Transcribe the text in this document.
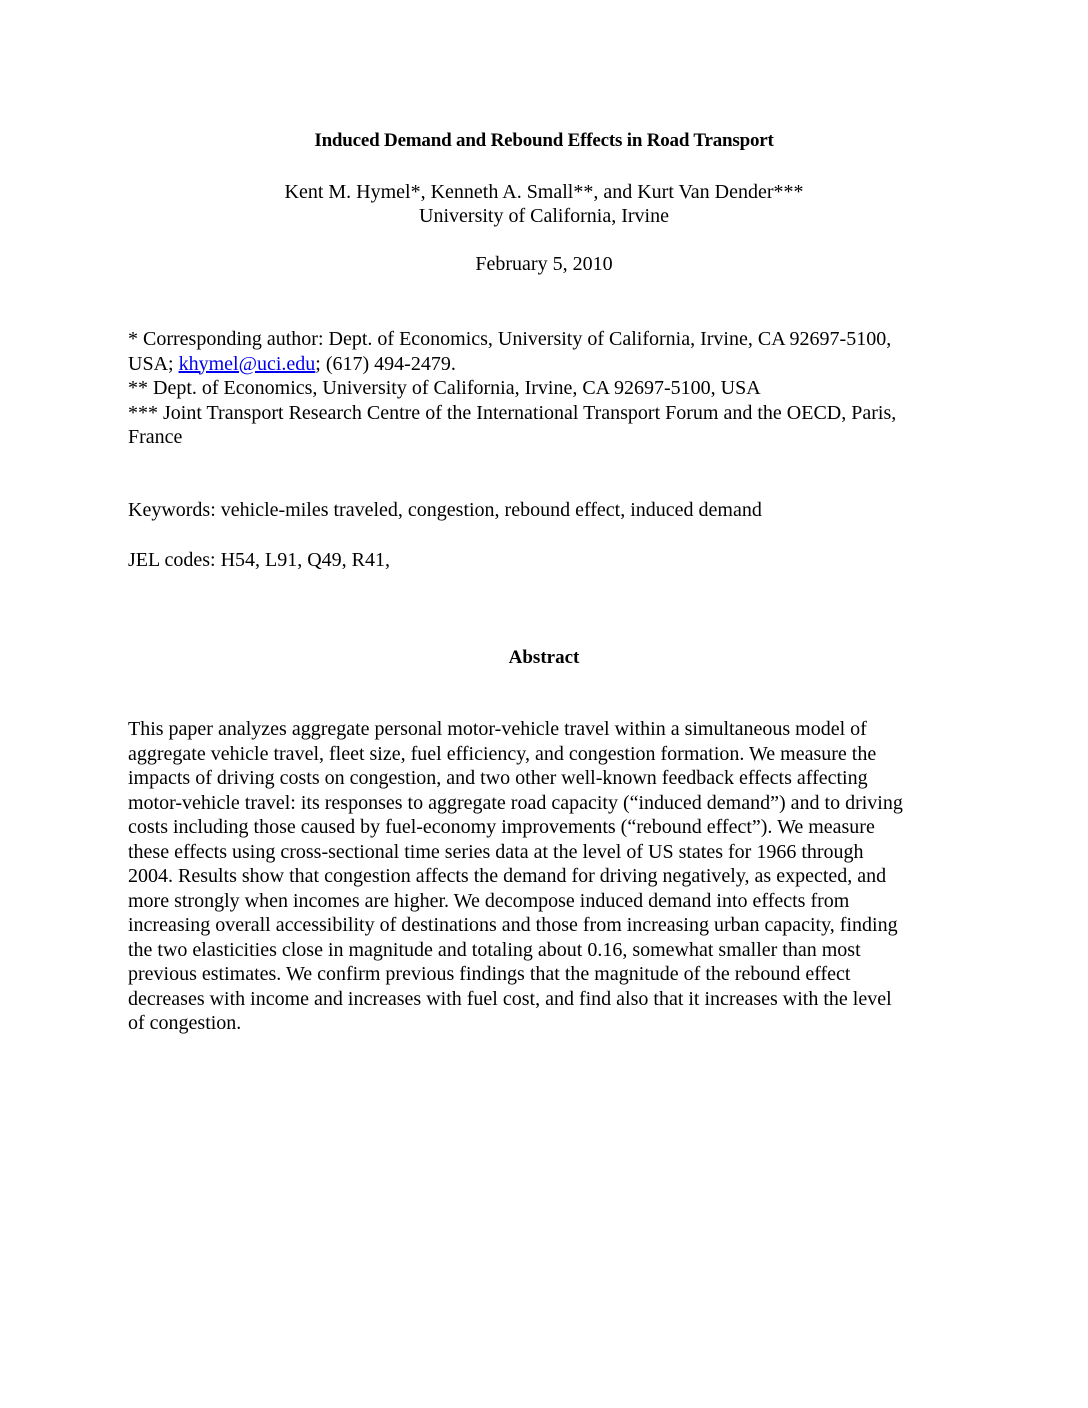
Induced Demand and Rebound Effects in Road Transport
Kent M. Hymel*, Kenneth A. Small**, and Kurt Van Dender***
University of California, Irvine
February 5, 2010
* Corresponding author: Dept. of Economics, University of California, Irvine, CA 92697-5100,
USA; khymel@uci.edu; (617) 494-2479.
** Dept. of Economics, University of California, Irvine, CA 92697-5100, USA
*** Joint Transport Research Centre of the International Transport Forum and the OECD, Paris,
France
Keywords: vehicle-miles traveled, congestion, rebound effect, induced demand
JEL codes: H54, L91, Q49, R41,
Abstract
This paper analyzes aggregate personal motor-vehicle travel within a simultaneous model of
aggregate vehicle travel, fleet size, fuel efficiency, and congestion formation. We measure the
impacts of driving costs on congestion, and two other well-known feedback effects affecting
motor-vehicle travel: its responses to aggregate road capacity (“induced demand”) and to driving
costs including those caused by fuel-economy improvements (“rebound effect”). We measure
these effects using cross-sectional time series data at the level of US states for 1966 through
2004. Results show that congestion affects the demand for driving negatively, as expected, and
more strongly when incomes are higher. We decompose induced demand into effects from
increasing overall accessibility of destinations and those from increasing urban capacity, finding
the two elasticities close in magnitude and totaling about 0.16, somewhat smaller than most
previous estimates. We confirm previous findings that the magnitude of the rebound effect
decreases with income and increases with fuel cost, and find also that it increases with the level
of congestion.
